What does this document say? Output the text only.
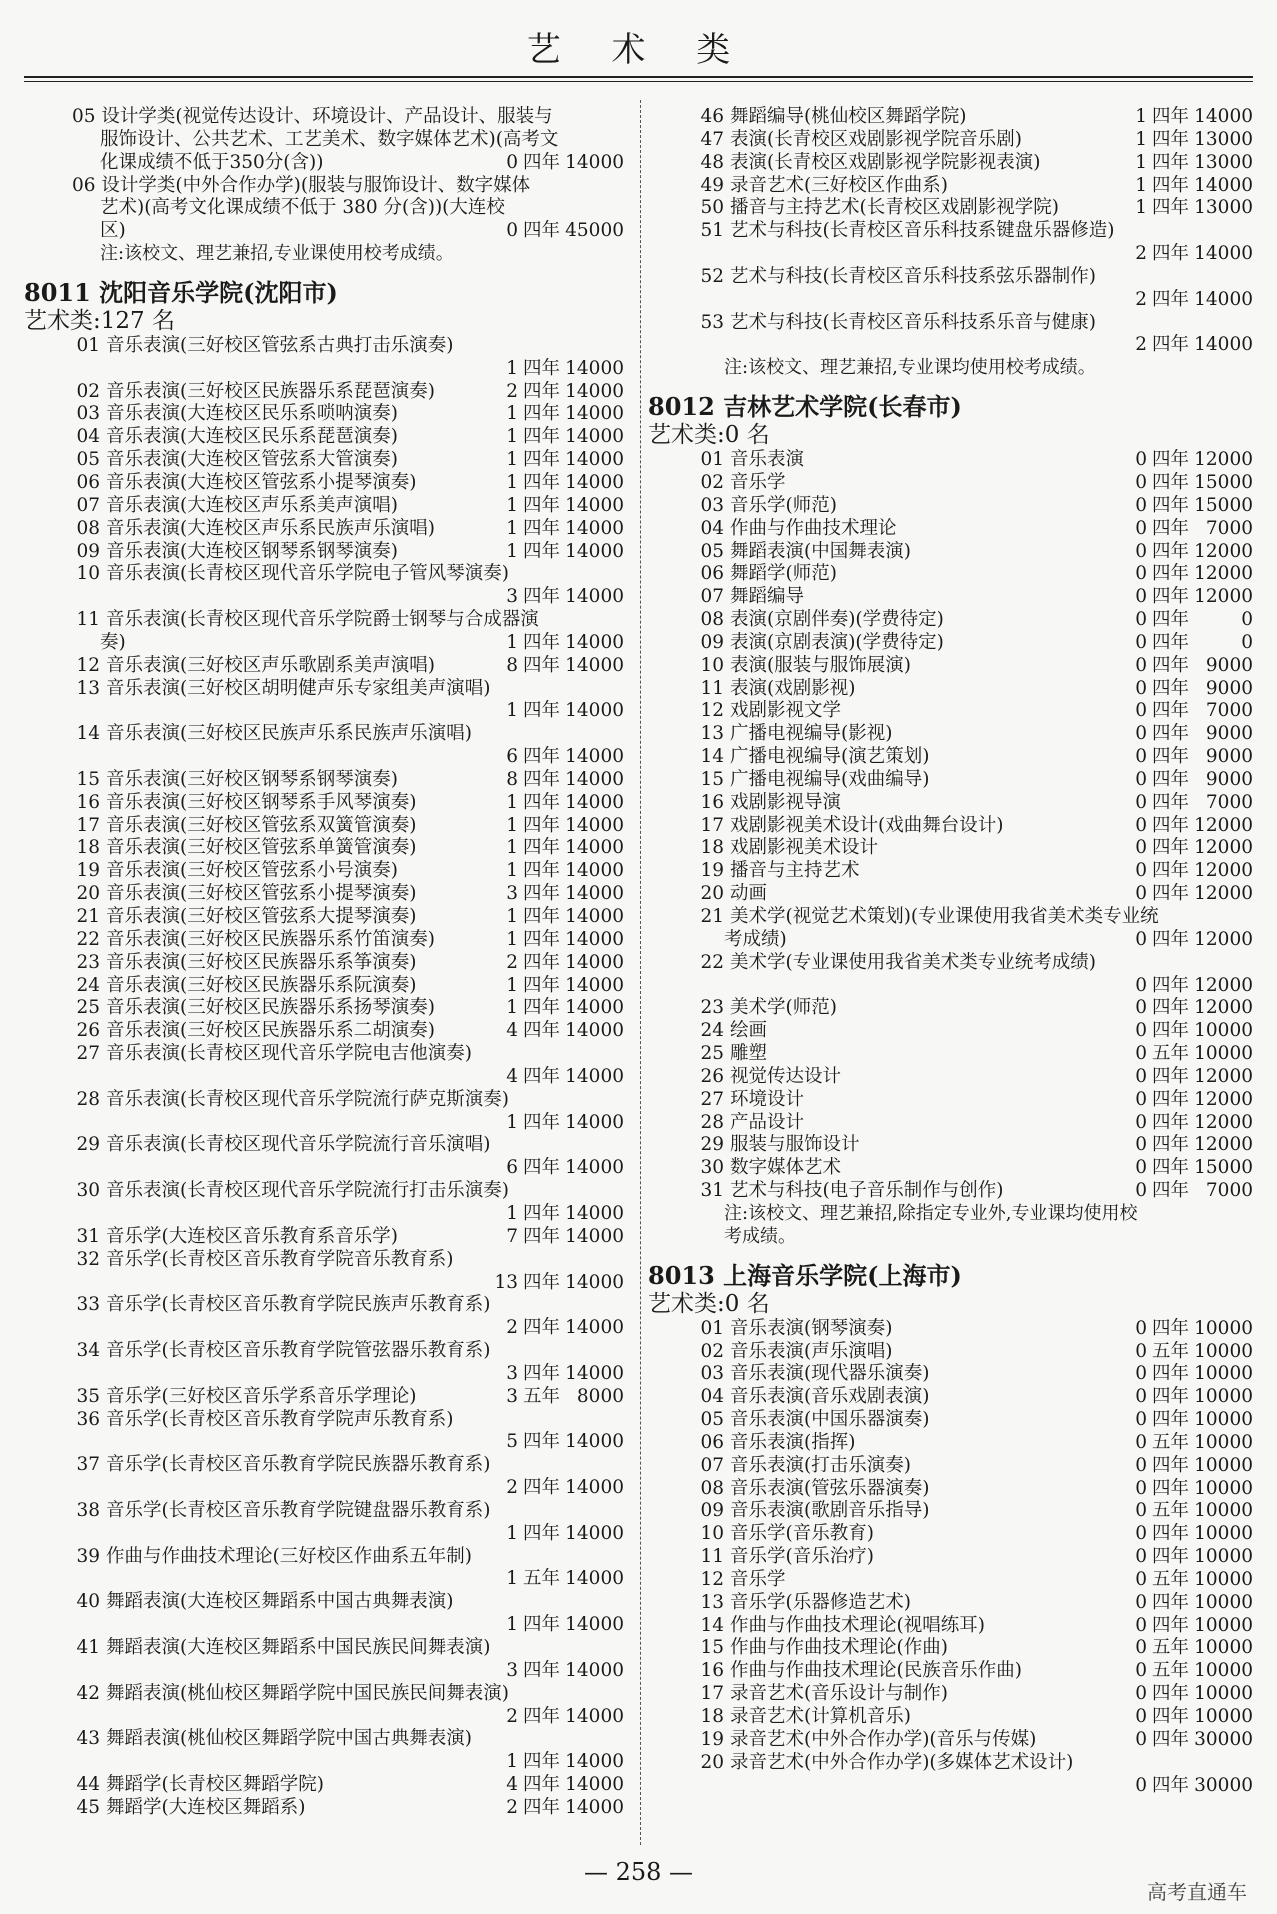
艺 术 类
05 设计学类(视觉传达设计、环境设计、产品设计、服装与
服饰设计、公共艺术、工艺美术、数字媒体艺术)(高考文
化课成绩不低于350分(含))	0 四年 14000
06 设计学类(中外合作办学)(服装与服饰设计、数字媒体
艺术)(高考文化课成绩不低于 380 分(含))(大连校
区)	0 四年 45000
注:该校文、理艺兼招,专业课使用校考成绩。
8011 沈阳音乐学院(沈阳市)
艺术类:127 名
01 音乐表演(三好校区管弦系古典打击乐演奏)
1 四年 14000
02 音乐表演(三好校区民族器乐系琵琶演奏)	2 四年 14000
03 音乐表演(大连校区民乐系唢呐演奏)	1 四年 14000
04 音乐表演(大连校区民乐系琵琶演奏)	1 四年 14000
05 音乐表演(大连校区管弦系大管演奏)	1 四年 14000
06 音乐表演(大连校区管弦系小提琴演奏)	1 四年 14000
07 音乐表演(大连校区声乐系美声演唱)	1 四年 14000
08 音乐表演(大连校区声乐系民族声乐演唱)	1 四年 14000
09 音乐表演(大连校区钢琴系钢琴演奏)	1 四年 14000
10 音乐表演(长青校区现代音乐学院电子管风琴演奏)
3 四年 14000
11 音乐表演(长青校区现代音乐学院爵士钢琴与合成器演
奏)	1 四年 14000
12 音乐表演(三好校区声乐歌剧系美声演唱)	8 四年 14000
13 音乐表演(三好校区胡明健声乐专家组美声演唱)
1 四年 14000
14 音乐表演(三好校区民族声乐系民族声乐演唱)
6 四年 14000
15 音乐表演(三好校区钢琴系钢琴演奏)	8 四年 14000
16 音乐表演(三好校区钢琴系手风琴演奏)	1 四年 14000
17 音乐表演(三好校区管弦系双簧管演奏)	1 四年 14000
18 音乐表演(三好校区管弦系单簧管演奏)	1 四年 14000
19 音乐表演(三好校区管弦系小号演奏)	1 四年 14000
20 音乐表演(三好校区管弦系小提琴演奏)	3 四年 14000
21 音乐表演(三好校区管弦系大提琴演奏)	1 四年 14000
22 音乐表演(三好校区民族器乐系竹笛演奏)	1 四年 14000
23 音乐表演(三好校区民族器乐系筝演奏)	2 四年 14000
24 音乐表演(三好校区民族器乐系阮演奏)	1 四年 14000
25 音乐表演(三好校区民族器乐系扬琴演奏)	1 四年 14000
26 音乐表演(三好校区民族器乐系二胡演奏)	4 四年 14000
27 音乐表演(长青校区现代音乐学院电吉他演奏)
4 四年 14000
28 音乐表演(长青校区现代音乐学院流行萨克斯演奏)
1 四年 14000
29 音乐表演(长青校区现代音乐学院流行音乐演唱)
6 四年 14000
30 音乐表演(长青校区现代音乐学院流行打击乐演奏)
1 四年 14000
31 音乐学(大连校区音乐教育系音乐学)	7 四年 14000
32 音乐学(长青校区音乐教育学院音乐教育系)
13 四年 14000
33 音乐学(长青校区音乐教育学院民族声乐教育系)
2 四年 14000
34 音乐学(长青校区音乐教育学院管弦器乐教育系)
3 四年 14000
35 音乐学(三好校区音乐学系音乐学理论)	3 五年 8000
36 音乐学(长青校区音乐教育学院声乐教育系)
5 四年 14000
37 音乐学(长青校区音乐教育学院民族器乐教育系)
2 四年 14000
38 音乐学(长青校区音乐教育学院键盘器乐教育系)
1 四年 14000
39 作曲与作曲技术理论(三好校区作曲系五年制)
1 五年 14000
40 舞蹈表演(大连校区舞蹈系中国古典舞表演)
1 四年 14000
41 舞蹈表演(大连校区舞蹈系中国民族民间舞表演)
3 四年 14000
42 舞蹈表演(桃仙校区舞蹈学院中国民族民间舞表演)
2 四年 14000
43 舞蹈表演(桃仙校区舞蹈学院中国古典舞表演)
1 四年 14000
44 舞蹈学(长青校区舞蹈学院)	4 四年 14000
45 舞蹈学(大连校区舞蹈系)	2 四年 14000
46 舞蹈编导(桃仙校区舞蹈学院)	1 四年 14000
47 表演(长青校区戏剧影视学院音乐剧)	1 四年 13000
48 表演(长青校区戏剧影视学院影视表演)	1 四年 13000
49 录音艺术(三好校区作曲系)	1 四年 14000
50 播音与主持艺术(长青校区戏剧影视学院)	1 四年 13000
51 艺术与科技(长青校区音乐科技系键盘乐器修造)
2 四年 14000
52 艺术与科技(长青校区音乐科技系弦乐器制作)
2 四年 14000
53 艺术与科技(长青校区音乐科技系乐音与健康)
2 四年 14000
注:该校文、理艺兼招,专业课均使用校考成绩。
8012 吉林艺术学院(长春市)
艺术类:0 名
01 音乐表演	0 四年 12000
02 音乐学	0 四年 15000
03 音乐学(师范)	0 四年 15000
04 作曲与作曲技术理论	0 四年 7000
05 舞蹈表演(中国舞表演)	0 四年 12000
06 舞蹈学(师范)	0 四年 12000
07 舞蹈编导	0 四年 12000
08 表演(京剧伴奏)(学费待定)	0 四年	0
09 表演(京剧表演)(学费待定)	0 四年	0
10 表演(服装与服饰展演)	0 四年 9000
11 表演(戏剧影视)	0 四年 9000
12 戏剧影视文学	0 四年 7000
13 广播电视编导(影视)	0 四年 9000
14 广播电视编导(演艺策划)	0 四年 9000
15 广播电视编导(戏曲编导)	0 四年 9000
16 戏剧影视导演	0 四年 7000
17 戏剧影视美术设计(戏曲舞台设计)	0 四年 12000
18 戏剧影视美术设计	0 四年 12000
19 播音与主持艺术	0 四年 12000
20 动画	0 四年 12000
21 美术学(视觉艺术策划)(专业课使用我省美术类专业统
考成绩)	0 四年 12000
22 美术学(专业课使用我省美术类专业统考成绩)
0 四年 12000
23 美术学(师范)	0 四年 12000
24 绘画	0 四年 10000
25 雕塑	0 五年 10000
26 视觉传达设计	0 四年 12000
27 环境设计	0 四年 12000
28 产品设计	0 四年 12000
29 服装与服饰设计	0 四年 12000
30 数字媒体艺术	0 四年 15000
31 艺术与科技(电子音乐制作与创作)	0 四年 7000
注:该校文、理艺兼招,除指定专业外,专业课均使用校
考成绩。
8013 上海音乐学院(上海市)
艺术类:0 名
01 音乐表演(钢琴演奏)	0 四年 10000
02 音乐表演(声乐演唱)	0 五年 10000
03 音乐表演(现代器乐演奏)	0 四年 10000
04 音乐表演(音乐戏剧表演)	0 四年 10000
05 音乐表演(中国乐器演奏)	0 四年 10000
06 音乐表演(指挥)	0 五年 10000
07 音乐表演(打击乐演奏)	0 四年 10000
08 音乐表演(管弦乐器演奏)	0 四年 10000
09 音乐表演(歌剧音乐指导)	0 五年 10000
10 音乐学(音乐教育)	0 四年 10000
11 音乐学(音乐治疗)	0 四年 10000
12 音乐学	0 五年 10000
13 音乐学(乐器修造艺术)	0 四年 10000
14 作曲与作曲技术理论(视唱练耳)	0 四年 10000
15 作曲与作曲技术理论(作曲)	0 五年 10000
16 作曲与作曲技术理论(民族音乐作曲)	0 五年 10000
17 录音艺术(音乐设计与制作)	0 四年 10000
18 录音艺术(计算机音乐)	0 四年 10000
19 录音艺术(中外合作办学)(音乐与传媒)	0 四年 30000
20 录音艺术(中外合作办学)(多媒体艺术设计)
0 四年 30000
— 258 —
高考直通车
